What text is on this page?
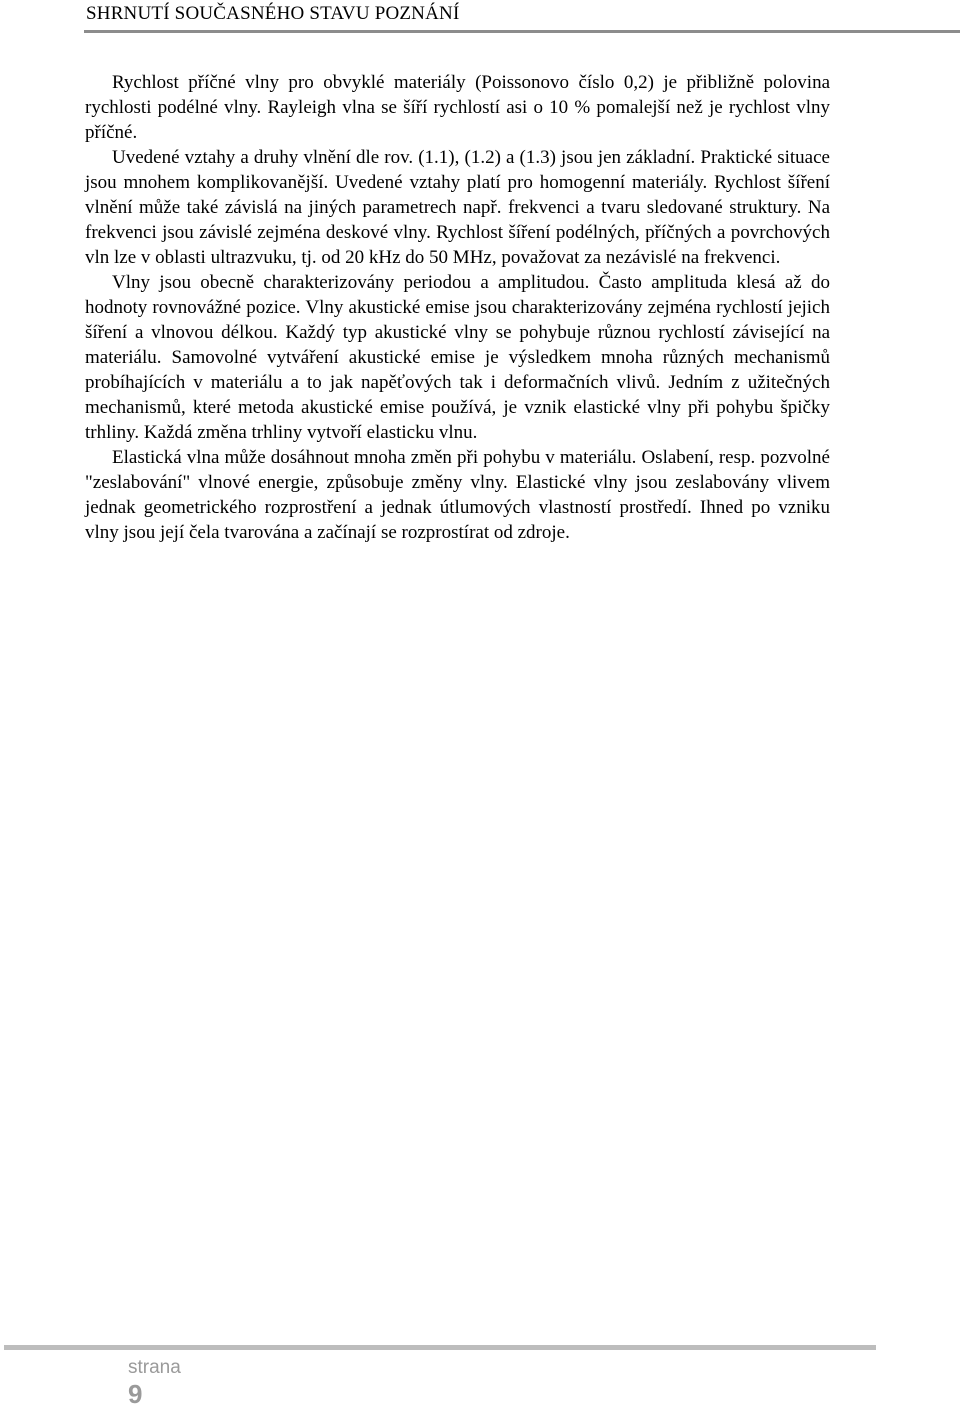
SHRNUTÍ SOUČASNÉHO STAVU POZNÁNÍ

Rychlost příčné vlny pro obvyklé materiály (Poissonovo číslo 0,2) je přibližně polovina rychlosti podélné vlny. Rayleigh vlna se šíří rychlostí asi o 10 % pomalejší než je rychlost vlny příčné.

Uvedené vztahy a druhy vlnění dle rov. (1.1), (1.2) a (1.3) jsou jen základní. Praktické situace jsou mnohem komplikovanější. Uvedené vztahy platí pro homogenní materiály. Rychlost šíření vlnění může také závislá na jiných parametrech např. frekvenci a tvaru sledované struktury. Na frekvenci jsou závislé zejména deskové vlny. Rychlost šíření podélných, příčných a povrchových vln lze v oblasti ultrazvuku, tj. od 20 kHz do 50 MHz, považovat za nezávislé na frekvenci.

Vlny jsou obecně charakterizovány periodou a amplitudou. Často amplituda klesá až do hodnoty rovnovážné pozice. Vlny akustické emise jsou charakterizovány zejména rychlostí jejich šíření a vlnovou délkou. Každý typ akustické vlny se pohybuje různou rychlostí závisející na materiálu. Samovolné vytváření akustické emise je výsledkem mnoha různých mechanismů probíhajících v materiálu a to jak napěťových tak i deformačních vlivů. Jedním z užitečných mechanismů, které metoda akustické emise používá, je vznik elastické vlny při pohybu špičky trhliny. Každá změna trhliny vytvoří elasticku vlnu.

Elastická vlna může dosáhnout mnoha změn při pohybu v materiálu. Oslabení, resp. pozvolné "zeslabování" vlnové energie, způsobuje změny vlny. Elastické vlny jsou zeslabovány vlivem jednak geometrického rozprostření a jednak útlumových vlastností prostředí. Ihned po vzniku vlny jsou její čela tvarována a začínají se rozprostírat od zdroje.

strana
9
